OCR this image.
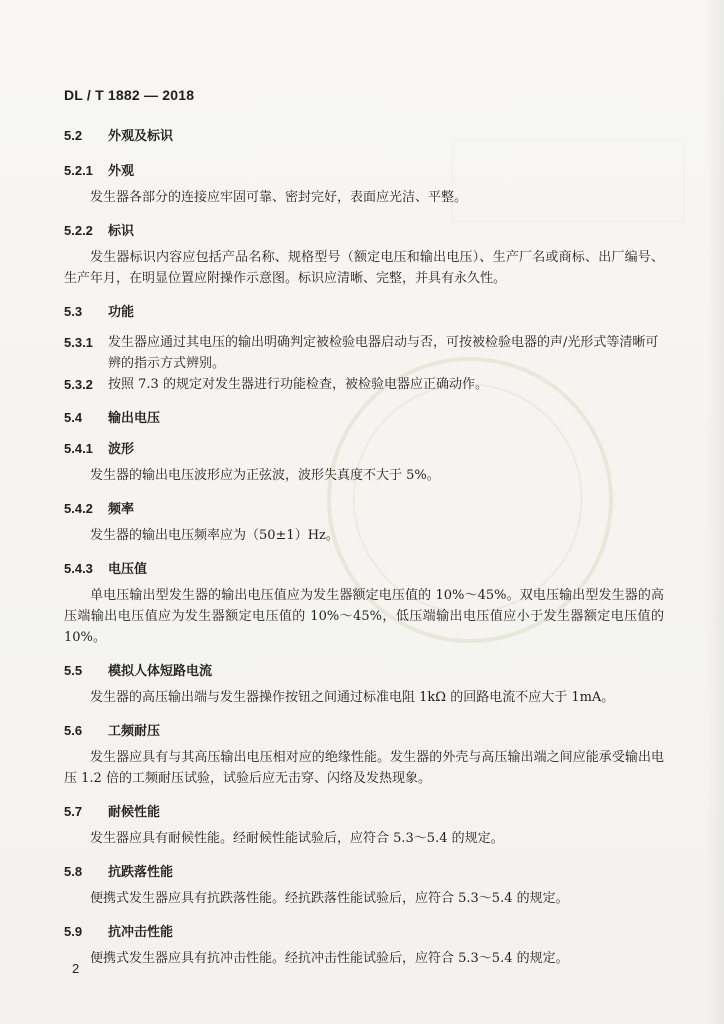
DL / T 1882 — 2018
5.2	外观及标识
5.2.1	外观

发生器各部分的连接应牢固可靠、密封完好，表面应光洁、平整。

5.2.2	标识

发生器标识内容应包括产品名称、规格型号（额定电压和输出电压）、生产厂名或商标、出厂编号、生产年月，在明显位置应附操作示意图。标识应清晰、完整，并具有永久性。

5.3	功能
5.3.1	发生器应通过其电压的输出明确判定被检验电器启动与否，可按被检验电器的声/光形式等清晰可辨的指示方式辨别。
5.3.2	按照 7.3 的规定对发生器进行功能检查，被检验电器应正确动作。
5.4	输出电压
5.4.1	波形

发生器的输出电压波形应为正弦波，波形失真度不大于 5%。

5.4.2	频率

发生器的输出电压频率应为（50±1）Hz。

5.4.3	电压值

单电压输出型发生器的输出电压值应为发生器额定电压值的 10%～45%。双电压输出型发生器的高压端输出电压值应为发生器额定电压值的 10%～45%，低压端输出电压值应小于发生器额定电压值的 10%。

5.5	模拟人体短路电流

发生器的高压输出端与发生器操作按钮之间通过标准电阻 1kΩ 的回路电流不应大于 1mA。

5.6	工频耐压

发生器应具有与其高压输出电压相对应的绝缘性能。发生器的外壳与高压输出端之间应能承受输出电压 1.2 倍的工频耐压试验，试验后应无击穿、闪络及发热现象。

5.7	耐候性能

发生器应具有耐候性能。经耐候性能试验后，应符合 5.3～5.4 的规定。

5.8	抗跌落性能

便携式发生器应具有抗跌落性能。经抗跌落性能试验后，应符合 5.3～5.4 的规定。

5.9	抗冲击性能

便携式发生器应具有抗冲击性能。经抗冲击性能试验后，应符合 5.3～5.4 的规定。

2
